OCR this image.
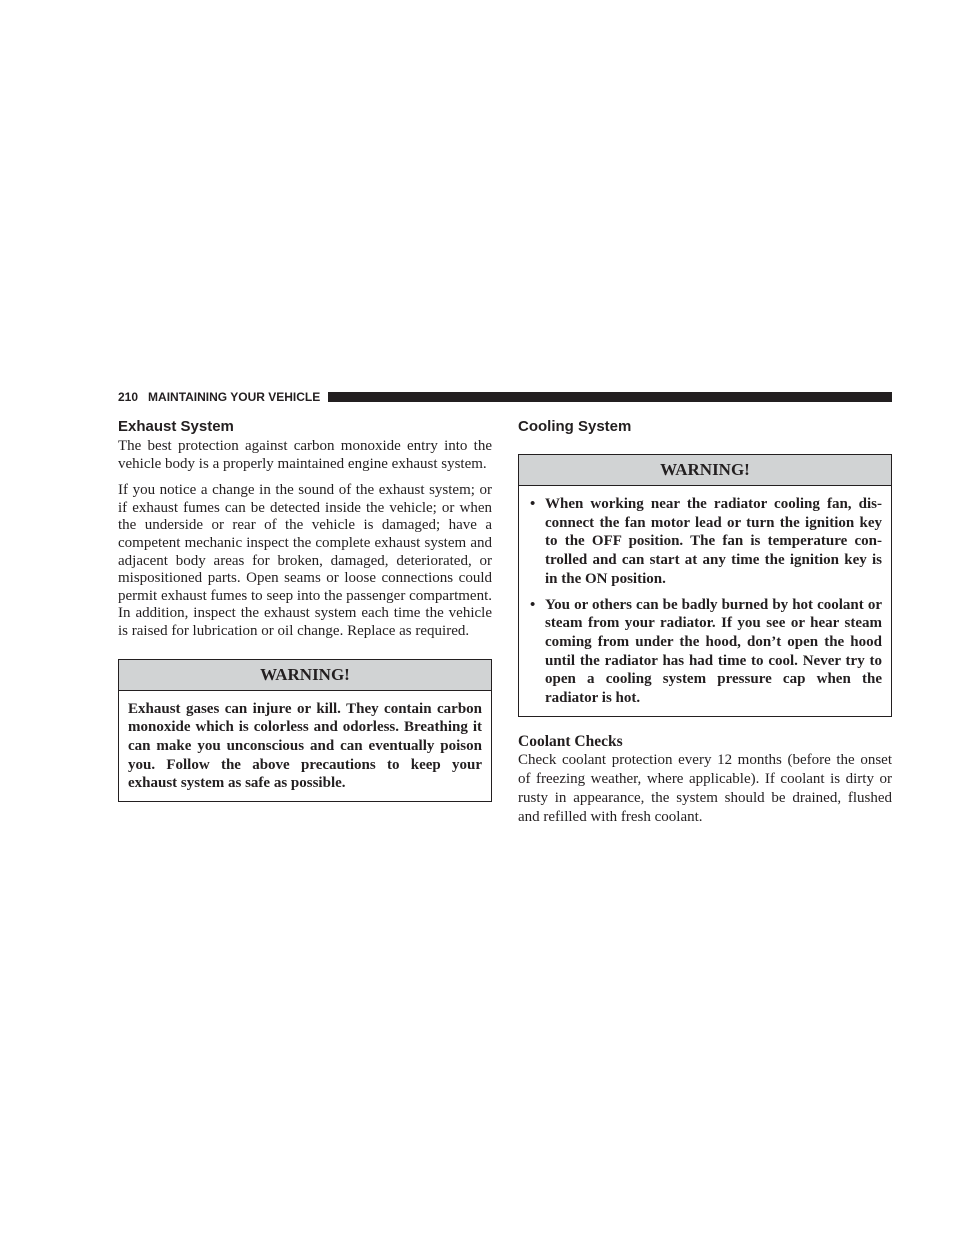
210 MAINTAINING YOUR VEHICLE
Exhaust System

The best protection against carbon monoxide entry into the vehicle body is a properly maintained engine exhaust system.

If you notice a change in the sound of the exhaust system; or if exhaust fumes can be detected inside the vehicle; or when the underside or rear of the vehicle is damaged; have a competent mechanic inspect the complete exhaust system and adjacent body areas for broken, damaged, deteriorated, or mispositioned parts. Open seams or loose connections could permit exhaust fumes to seep into the passenger compartment. In addition, inspect the exhaust system each time the vehicle is raised for lubrication or oil change. Replace as required.

WARNING!

Exhaust gases can injure or kill. They contain carbon monoxide which is colorless and odorless. Breathing it can make you unconscious and can eventually poison you. Follow the above precautions to keep your exhaust system as safe as possible.

Cooling System
WARNING!
• When working near the radiator cooling fan, disconnect the fan motor lead or turn the ignition key to the OFF position. The fan is temperature controlled and can start at any time the ignition key is in the ON position.
• You or others can be badly burned by hot coolant or steam from your radiator. If you see or hear steam coming from under the hood, don’t open the hood until the radiator has had time to cool. Never try to open a cooling system pressure cap when the radiator is hot.
Coolant Checks

Check coolant protection every 12 months (before the onset of freezing weather, where applicable). If coolant is dirty or rusty in appearance, the system should be drained, flushed and refilled with fresh coolant.
